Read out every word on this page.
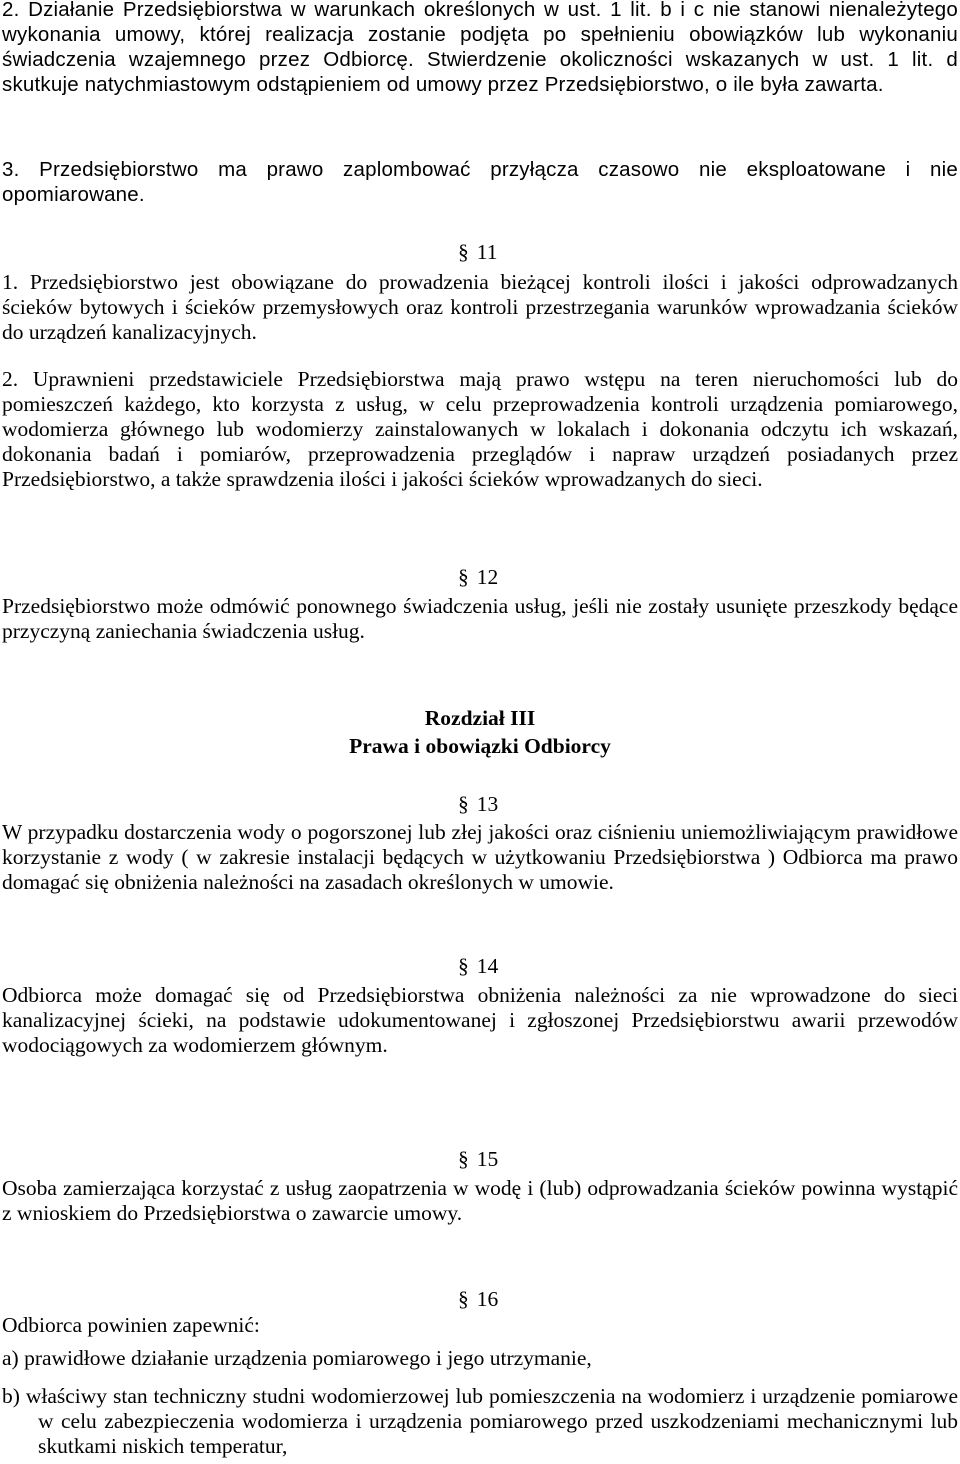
2. Działanie Przedsiębiorstwa w warunkach określonych w ust. 1 lit. b i c nie stanowi nienależytego wykonania umowy, której realizacja zostanie podjęta po spełnieniu obowiązków lub wykonaniu świadczenia wzajemnego przez Odbiorcę. Stwierdzenie okoliczności wskazanych w ust. 1 lit. d skutkuje natychmiastowym odstąpieniem od umowy przez Przedsiębiorstwo, o ile była zawarta.

3. Przedsiębiorstwo ma prawo zaplombować przyłącza czasowo nie eksploatowane i nie opomiarowane.

§ 11

1. Przedsiębiorstwo jest obowiązane do prowadzenia bieżącej kontroli ilości i jakości odprowadzanych ścieków bytowych i ścieków przemysłowych oraz kontroli przestrzegania warunków wprowadzania ścieków do urządzeń kanalizacyjnych.

2. Uprawnieni przedstawiciele Przedsiębiorstwa mają prawo wstępu na teren nieruchomości lub do pomieszczeń każdego, kto korzysta z usług, w celu przeprowadzenia kontroli urządzenia pomiarowego, wodomierza głównego lub wodomierzy zainstalowanych w lokalach i dokonania odczytu ich wskazań, dokonania badań i pomiarów, przeprowadzenia przeglądów i napraw urządzeń posiadanych przez Przedsiębiorstwo, a także sprawdzenia ilości i jakości ścieków wprowadzanych do sieci.

§ 12

Przedsiębiorstwo może odmówić ponownego świadczenia usług, jeśli nie zostały usunięte przeszkody będące przyczyną zaniechania świadczenia usług.

Rozdział III

Prawa i obowiązki Odbiorcy

§ 13

W przypadku dostarczenia wody o pogorszonej lub złej jakości oraz ciśnieniu uniemożliwiającym prawidłowe korzystanie z wody ( w zakresie instalacji będących w użytkowaniu Przedsiębiorstwa ) Odbiorca ma prawo domagać się obniżenia należności na zasadach określonych w umowie.

§ 14

Odbiorca może domagać się od Przedsiębiorstwa obniżenia należności za nie wprowadzone do sieci kanalizacyjnej ścieki, na podstawie udokumentowanej i zgłoszonej Przedsiębiorstwu awarii przewodów wodociągowych za wodomierzem głównym.

§ 15

Osoba zamierzająca korzystać z usług zaopatrzenia w wodę i (lub) odprowadzania ścieków powinna wystąpić z wnioskiem do Przedsiębiorstwa o zawarcie umowy.

§ 16

Odbiorca powinien zapewnić:

a) prawidłowe działanie urządzenia pomiarowego i jego utrzymanie,

b) właściwy stan techniczny studni wodomierzowej lub pomieszczenia na wodomierz i urządzenie pomiarowe w celu zabezpieczenia wodomierza i urządzenia pomiarowego przed uszkodzeniami mechanicznymi lub skutkami niskich temperatur,
